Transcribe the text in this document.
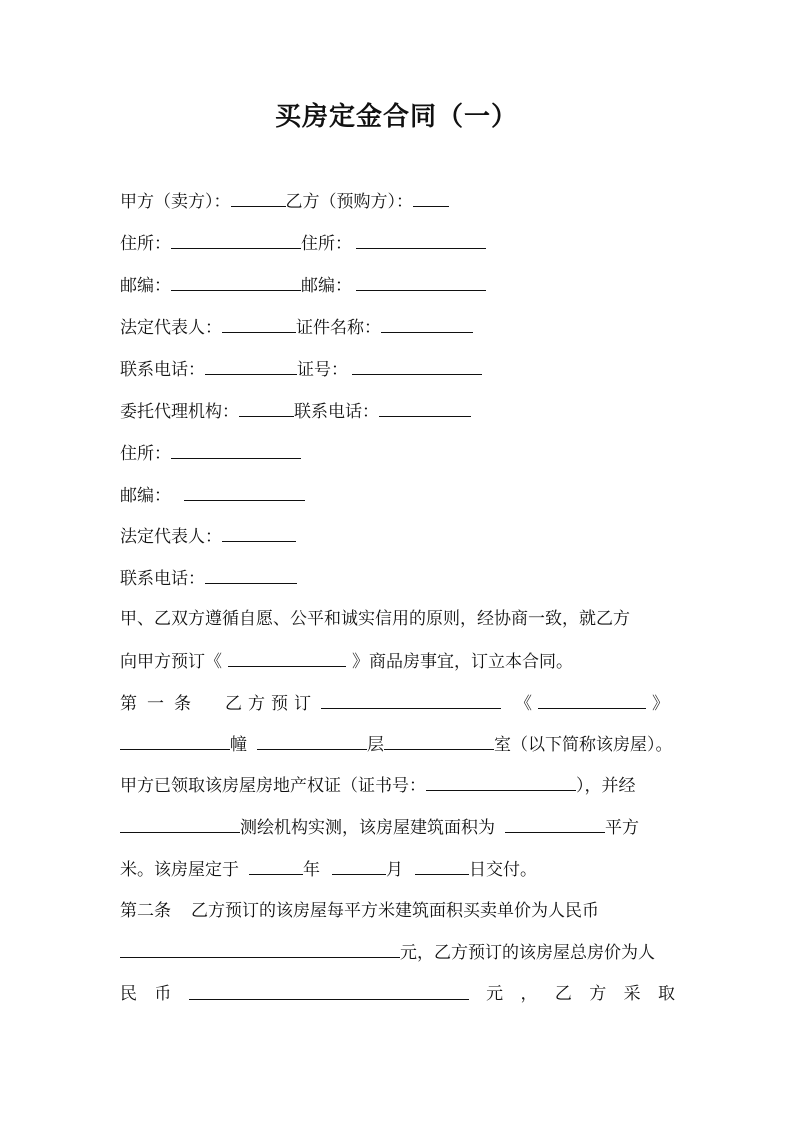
买房定金合同（一）
甲方（卖方）：	乙方（预购方）：
住所：	住所：
邮编：	邮编：
法定代表人：	证件名称：
联系电话：	证号：
委托代理机构：	联系电话：
住所：
邮编：
法定代表人：
联系电话：
甲、乙双方遵循自愿、公平和诚实信用的原则，经协商一致，就乙方
向甲方预订《	》商品房事宜，订立本合同。
第一条 乙方预订	《	》
幢	层	室（以下简称该房屋）。
甲方已领取该房屋房地产权证（证书号：	），并经
测绘机构实测，该房屋建筑面积为	平方
米。该房屋定于	年	月	日交付。
第二条 乙方预订的该房屋每平方米建筑面积买卖单价为人民币
元，乙方预订的该房屋总房价为人
民 币	元 ， 乙 方 采 取
